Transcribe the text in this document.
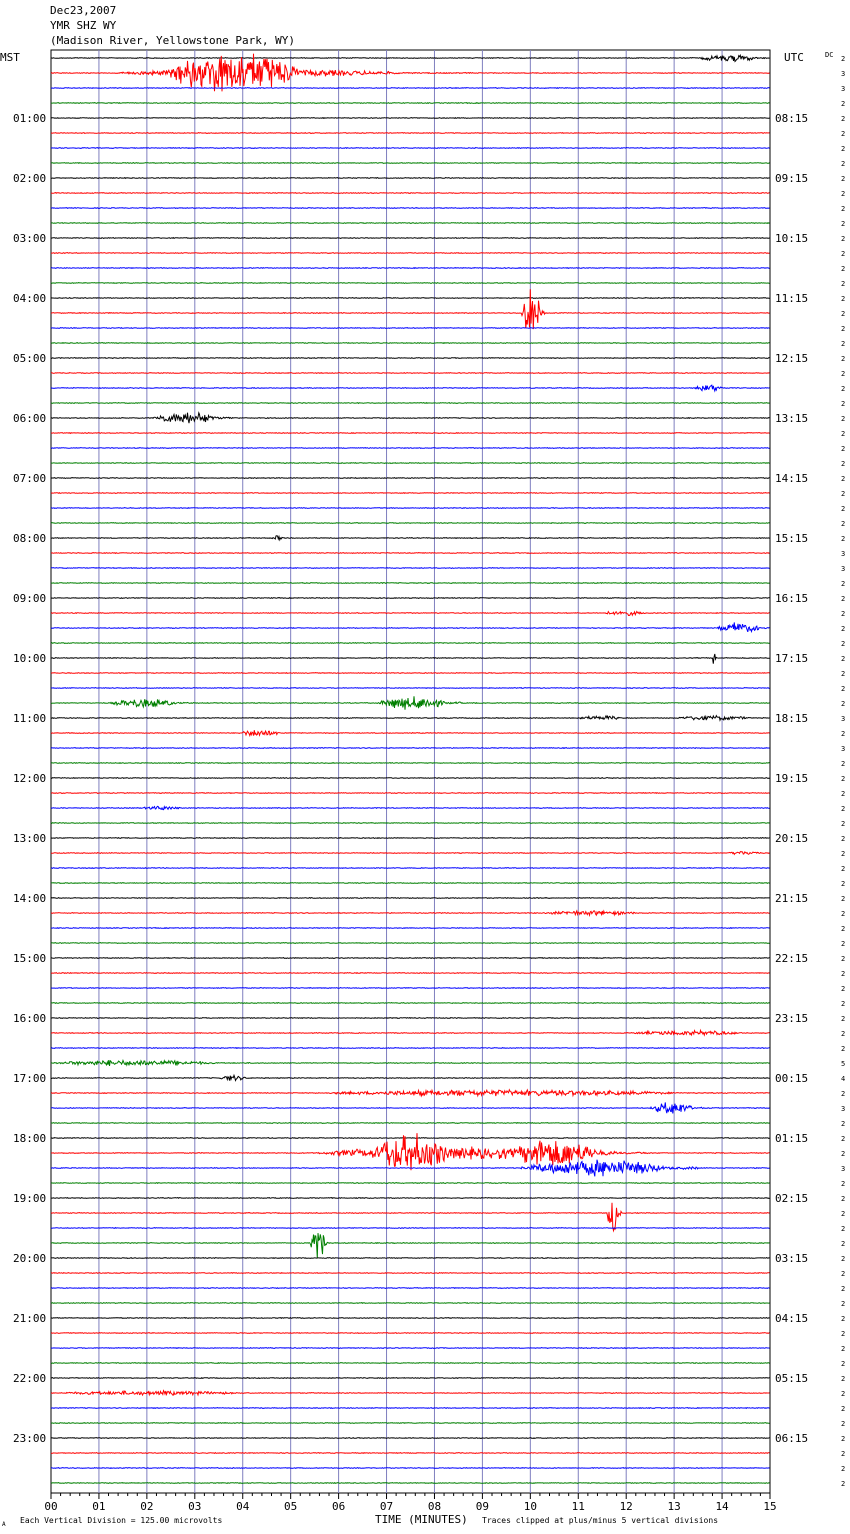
Dec23,2007
YMR SHZ WY
(Madison River, Yellowstone Park, WY)
MST	UTC	DC
TIME (MINUTES)
A Each Vertical Division = 125.00 microvolts	Traces clipped at plus/minus 5 vertical divisions
00	01	02	03	04	05	06	07	08	09	10	11	12	13	14	15
2
3
3
2
2
2
2
2
2
2
2
2
2
2
2
2
2
2
2
2
2
2
2
2
2
2
2
2
2
2
2
2
2
3
3
2
2
2
2
2
2
2
2
2
3
2
3
2
2
2
2
2
2
2
2
2
2
2
2
2
2
2
2
2
2
2
2
5
4
2
3
2
2
2
3
2
2
2
2
2
2
2
2
2
2
2
2
2
2
2
2
2
2
2
2
2
01:00	08:15
02:00	09:15
03:00	10:15
04:00	11:15
05:00	12:15
06:00	13:15
07:00	14:15
08:00	15:15
09:00	16:15
10:00	17:15
11:00	18:15
12:00	19:15
13:00	20:15
14:00	21:15
15:00	22:15
16:00	23:15
17:00	00:15
18:00	01:15
19:00	02:15
20:00	03:15
21:00	04:15
22:00	05:15
23:00	06:15
